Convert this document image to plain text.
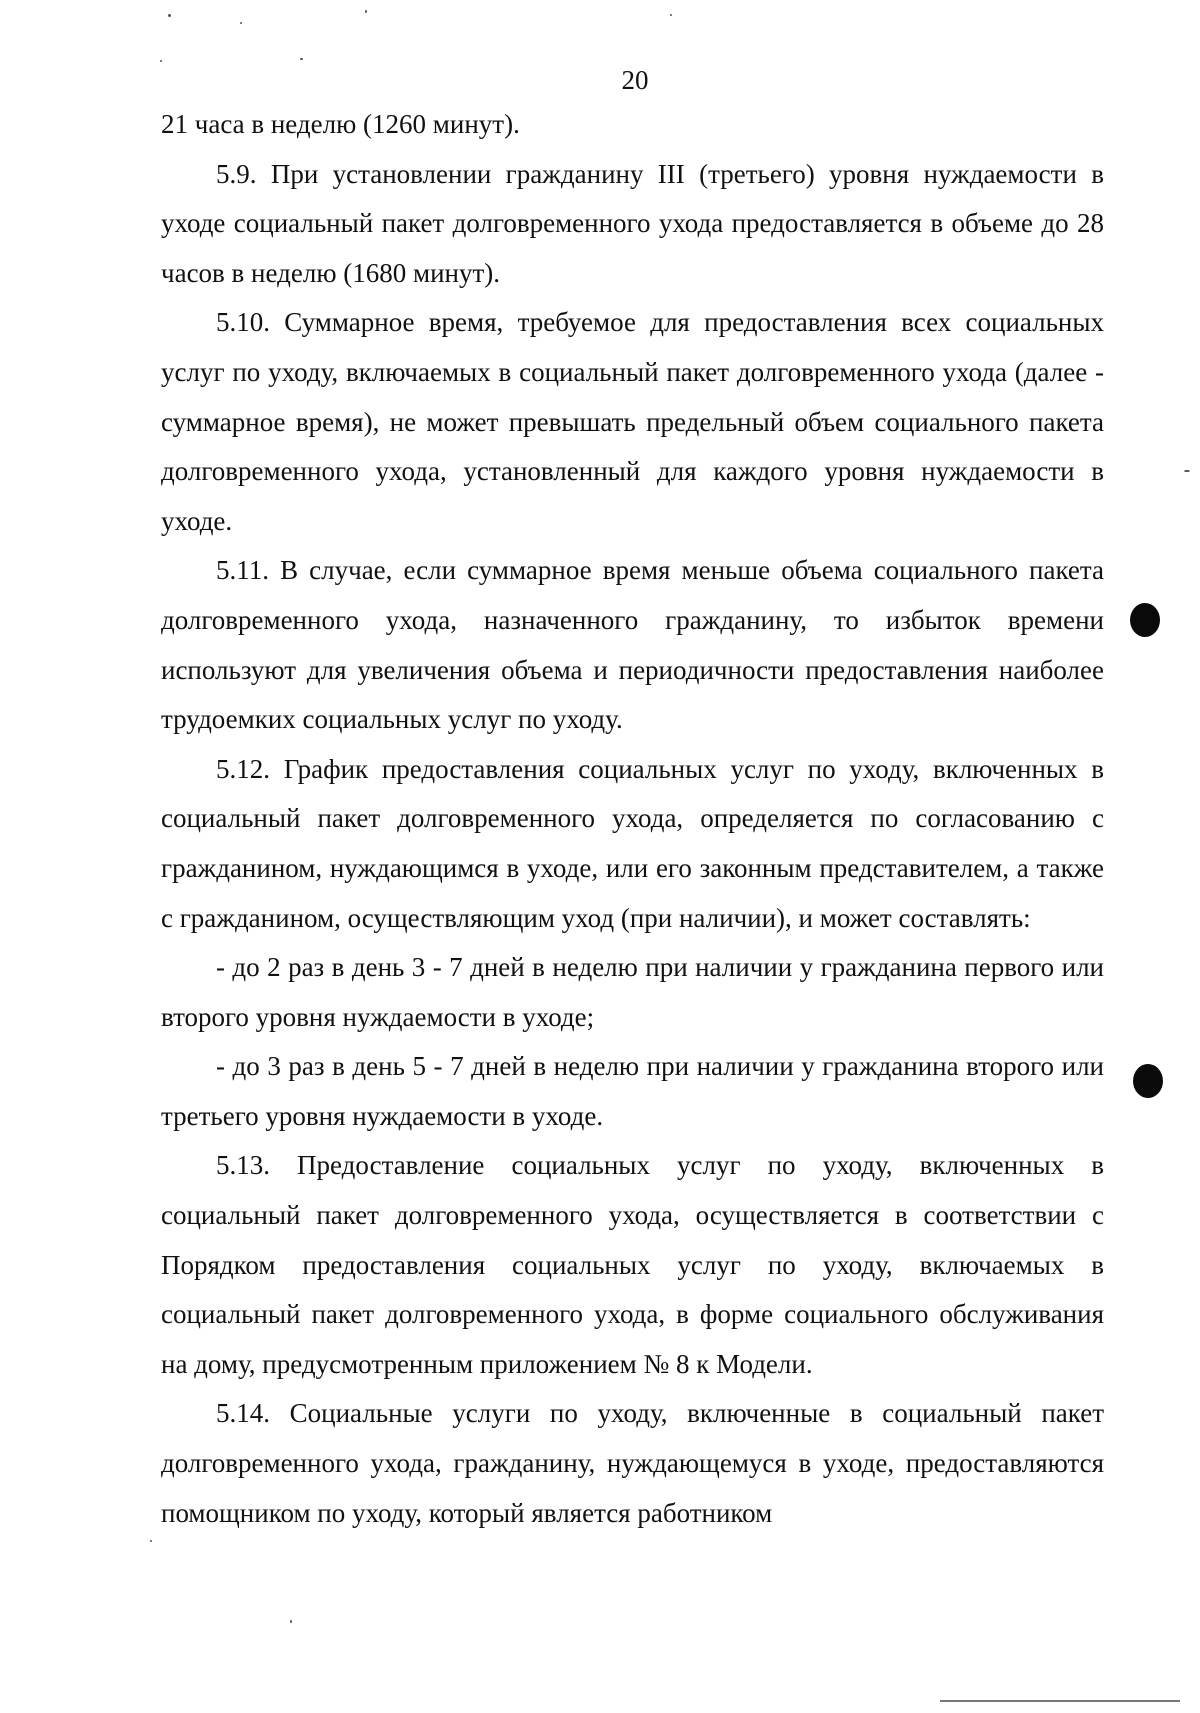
20

21 часа в неделю (1260 минут).

5.9. При установлении гражданину III (третьего) уровня нуждаемости в уходе социальный пакет долговременного ухода предоставляется в объеме до 28 часов в неделю (1680 минут).

5.10. Суммарное время, требуемое для предоставления всех социальных услуг по уходу, включаемых в социальный пакет долговременного ухода (далее - суммарное время), не может превышать предельный объем социального пакета долговременного ухода, установленный для каждого уровня нуждаемости в уходе.

5.11. В случае, если суммарное время меньше объема социального пакета долговременного ухода, назначенного гражданину, то избыток времени используют для увеличения объема и периодичности предоставления наиболее трудоемких социальных услуг по уходу.

5.12. График предоставления социальных услуг по уходу, включенных в социальный пакет долговременного ухода, определяется по согласованию с гражданином, нуждающимся в уходе, или его законным представителем, а также с гражданином, осуществляющим уход (при наличии), и может составлять:

- до 2 раз в день 3 - 7 дней в неделю при наличии у гражданина первого или второго уровня нуждаемости в уходе;

- до 3 раз в день 5 - 7 дней в неделю при наличии у гражданина второго или третьего уровня нуждаемости в уходе.

5.13. Предоставление социальных услуг по уходу, включенных в социальный пакет долговременного ухода, осуществляется в соответствии с Порядком предоставления социальных услуг по уходу, включаемых в социальный пакет долговременного ухода, в форме социального обслуживания на дому, предусмотренным приложением № 8 к Модели.

5.14. Социальные услуги по уходу, включенные в социальный пакет долговременного ухода, гражданину, нуждающемуся в уходе, предоставляются помощником по уходу, который является работником
